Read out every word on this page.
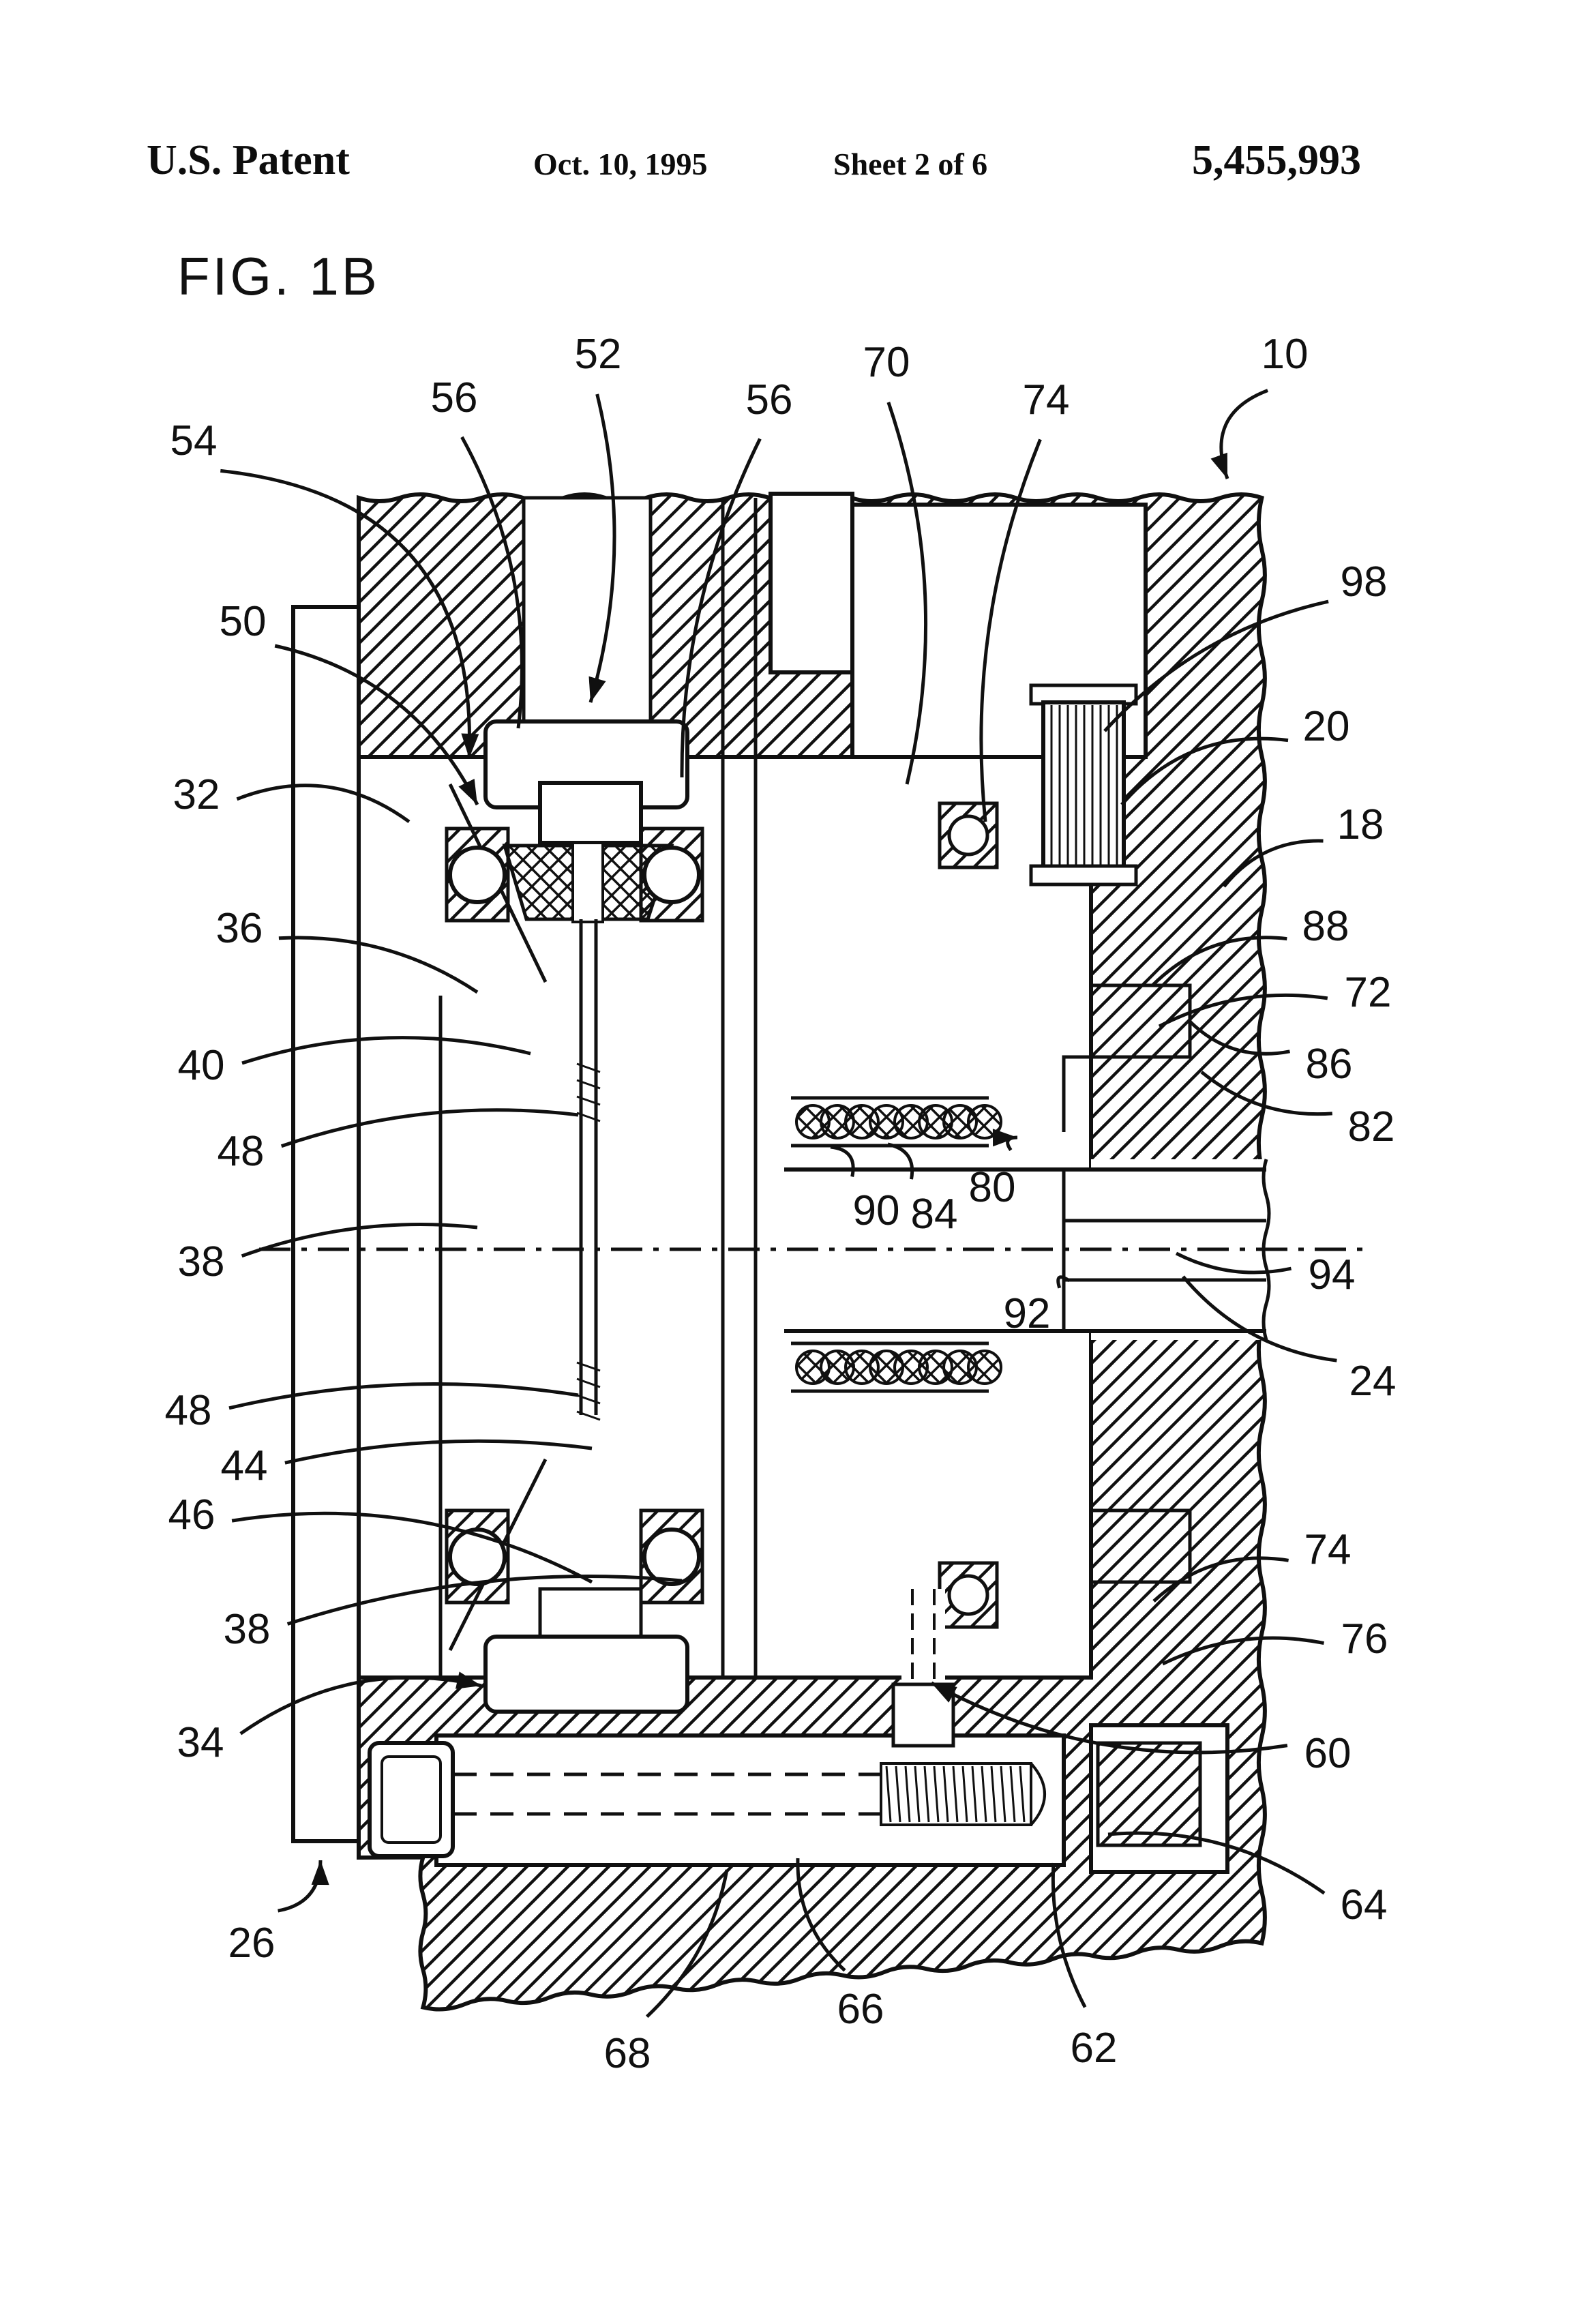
U.S. Patent	Oct. 10, 1995	Sheet 2 of 6	5,455,993
FIG. 1B
52
56	56
70
74
10
54
50
98
20
18
32
36	88
72
86
82
40
48
38
90 84
80
94
92
24
48
44
46
38
34
74
76
60
26
64
68
66
62
